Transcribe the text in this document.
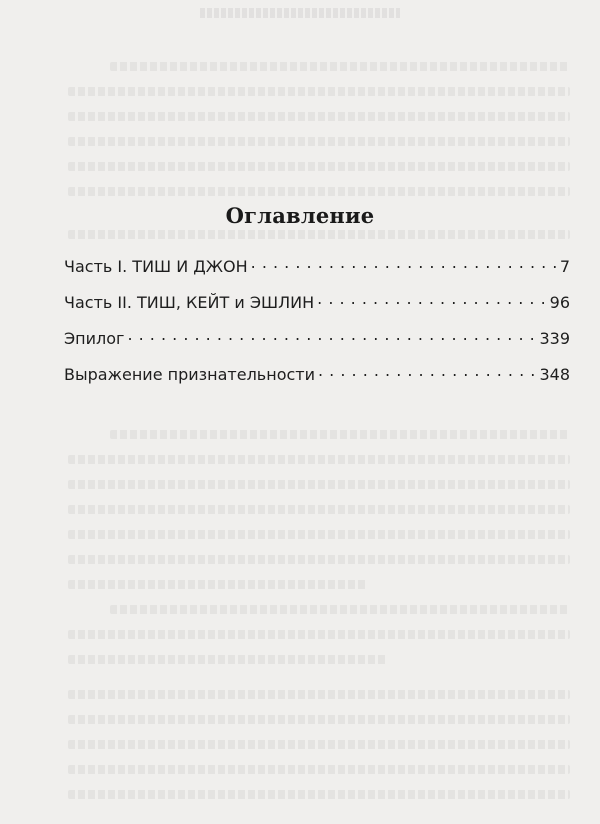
Оглавление
Часть I. ТИШ И ДЖОН . . .	7
Часть II. ТИШ, КЕЙТ и ЭШЛИН . . .	96
Эпилог . . .	339
Выражение признательности . . .	348
